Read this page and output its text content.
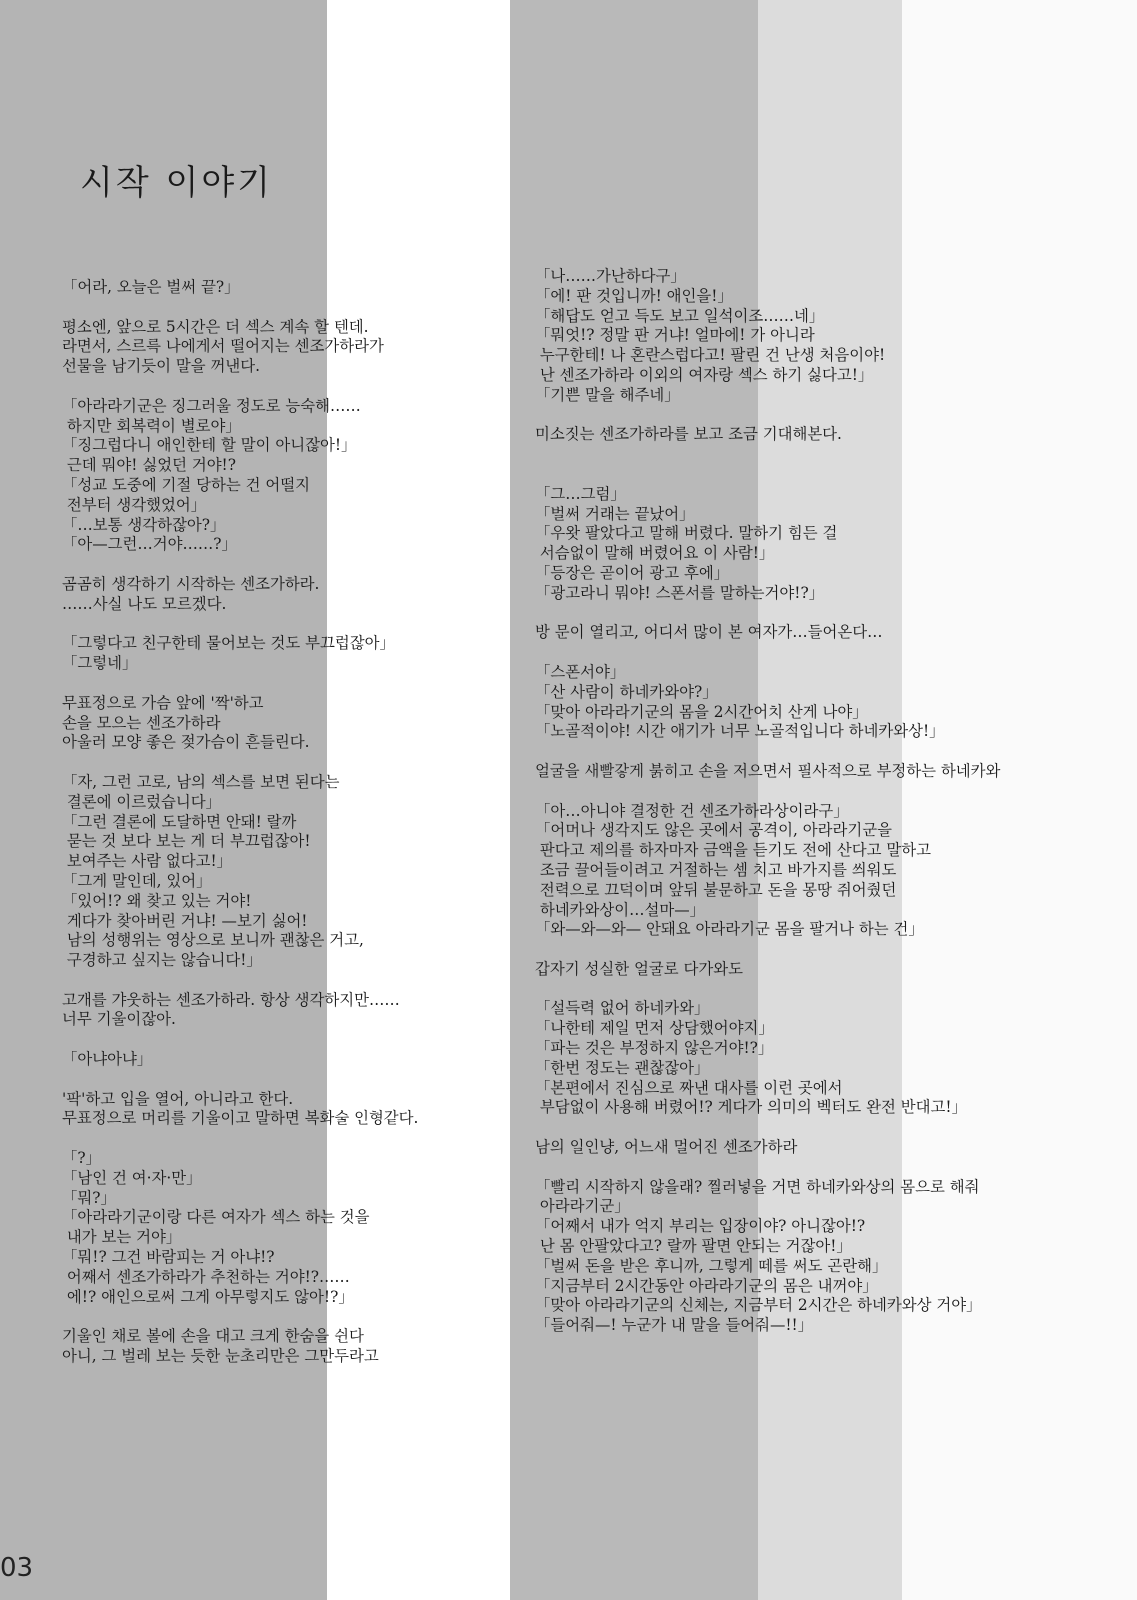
시작 이야기
「어라, 오늘은 벌써 끝?」
평소엔, 앞으로 5시간은 더 섹스 계속 할 텐데.
라면서, 스르륵 나에게서 떨어지는 센조가하라가
선물을 남기듯이 말을 꺼낸다.
「아라라기군은 징그러울 정도로 능숙해……
하지만 회복력이 별로야」
「징그럽다니 애인한테 할 말이 아니잖아!」
근데 뭐야! 싫었던 거야!?
「성교 도중에 기절 당하는 건 어떨지
전부터 생각했었어」
「…보통 생각하잖아?」
「아—그런…거야……?」
곰곰히 생각하기 시작하는 센조가하라.
……사실 나도 모르겠다.
「그렇다고 친구한테 물어보는 것도 부끄럽잖아」
「그렇네」
무표정으로 가슴 앞에 '짝'하고
손을 모으는 센조가하라
아울러 모양 좋은 젖가슴이 흔들린다.
「자, 그런 고로, 남의 섹스를 보면 된다는
결론에 이르렀습니다」
「그런 결론에 도달하면 안돼! 랄까
묻는 것 보다 보는 게 더 부끄럽잖아!
보여주는 사람 없다고!」
「그게 말인데, 있어」
「있어!? 왜 찾고 있는 거야!
게다가 찾아버린 거냐! —보기 싫어!
남의 성행위는 영상으로 보니까 괜찮은 거고,
구경하고 싶지는 않습니다!」
고개를 갸웃하는 센조가하라. 항상 생각하지만……
너무 기울이잖아.
「아냐아냐」
'팍'하고 입을 열어, 아니라고 한다.
무표정으로 머리를 기울이고 말하면 복화술 인형같다.
「?」
「남인 건 여·자·만」
「뭐?」
「아라라기군이랑 다른 여자가 섹스 하는 것을
내가 보는 거야」
「뭐!? 그건 바람피는 거 아냐!?
어째서 센조가하라가 추천하는 거야!?……
에!? 애인으로써 그게 아무렇지도 않아!?」
기울인 채로 볼에 손을 대고 크게 한숨을 쉰다
아니, 그 벌레 보는 듯한 눈초리만은 그만두라고
「나……가난하다구」
「에! 판 것입니까! 애인을!」
「해답도 얻고 득도 보고 일석이조……네」
「뭐엇!? 정말 판 거냐! 얼마에! 가 아니라
누구한테! 나 혼란스럽다고! 팔린 건 난생 처음이야!
난 센조가하라 이외의 여자랑 섹스 하기 싫다고!」
「기쁜 말을 해주네」
미소짓는 센조가하라를 보고 조금 기대해본다.
「그…그럼」
「벌써 거래는 끝났어」
「우왓 팔았다고 말해 버렸다. 말하기 힘든 걸
서슴없이 말해 버렸어요 이 사람!」
「등장은 곧이어 광고 후에」
「광고라니 뭐야! 스폰서를 말하는거야!?」
방 문이 열리고, 어디서 많이 본 여자가…들어온다…
「스폰서야」
「산 사람이 하네카와야?」
「맞아 아라라기군의 몸을 2시간어치 산게 나야」
「노골적이야! 시간 애기가 너무 노골적입니다 하네카와상!」
얼굴을 새빨갛게 붉히고 손을 저으면서 필사적으로 부정하는 하네카와
「아…아니야 결정한 건 센조가하라상이라구」
「어머나 생각지도 않은 곳에서 공격이, 아라라기군을
판다고 제의를 하자마자 금액을 듣기도 전에 산다고 말하고
조금 끌어들이려고 거절하는 셈 치고 바가지를 씌워도
전력으로 끄덕이며 앞뒤 불문하고 돈을 몽땅 쥐어줬던
하네카와상이…설마—」
「와—와—와— 안돼요 아라라기군 몸을 팔거나 하는 건」
갑자기 성실한 얼굴로 다가와도
「설득력 없어 하네카와」
「나한테 제일 먼저 상담했어야지」
「파는 것은 부정하지 않은거야!?」
「한번 정도는 괜찮잖아」
「본편에서 진심으로 짜낸 대사를 이런 곳에서
부담없이 사용해 버렸어!? 게다가 의미의 벡터도 완전 반대고!」
남의 일인냥, 어느새 멀어진 센조가하라
「빨리 시작하지 않을래? 찔러넣을 거면 하네카와상의 몸으로 해줘
아라라기군」
「어째서 내가 억지 부리는 입장이야? 아니잖아!?
난 몸 안팔았다고? 랄까 팔면 안되는 거잖아!」
「벌써 돈을 받은 후니까, 그렇게 떼를 써도 곤란해」
「지금부터 2시간동안 아라라기군의 몸은 내꺼야」
「맞아 아라라기군의 신체는, 지금부터 2시간은 하네카와상 거야」
「들어줘—! 누군가 내 말을 들어줘—!!」
03
